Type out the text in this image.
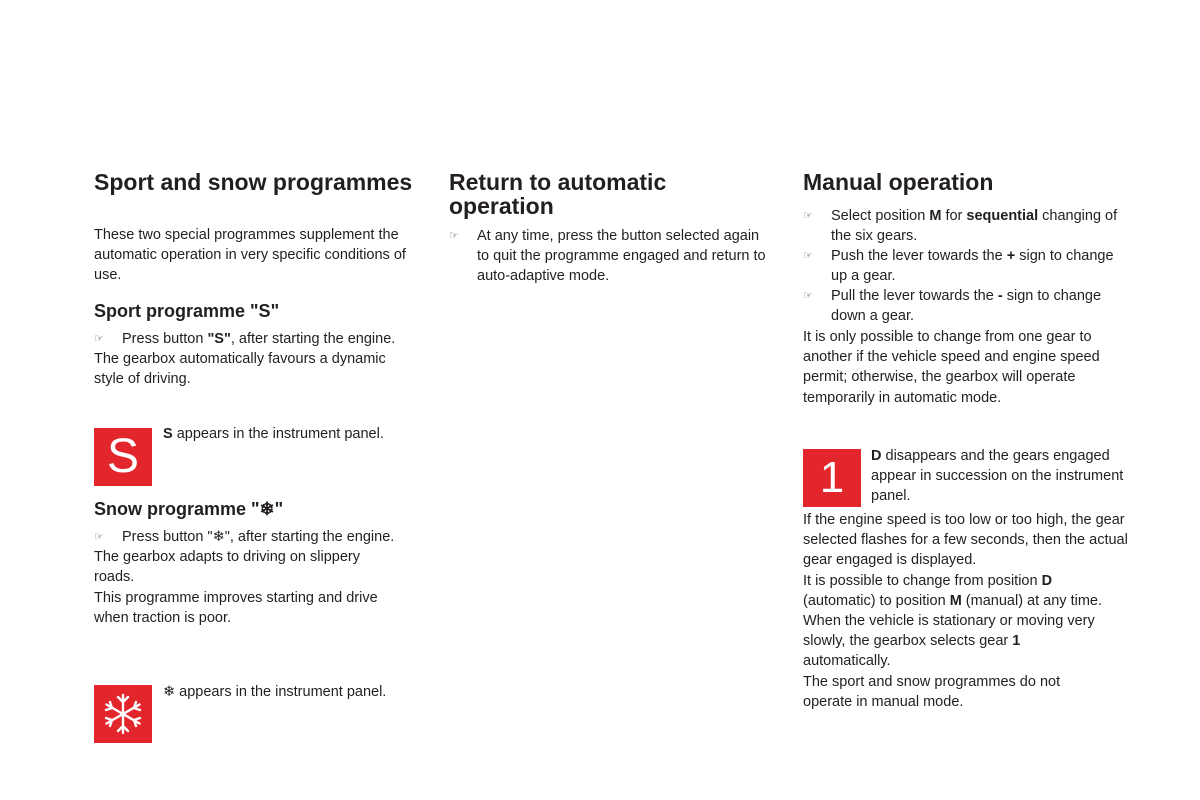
Sport and snow programmes

These two special programmes supplement the automatic operation in very specific conditions of use.

Sport programme "S"
☞ Press button "S", after starting the engine.

The gearbox automatically favours a dynamic style of driving.

S S appears in the instrument panel.

Snow programme "❄"
☞ Press button "❄", after starting the engine.

The gearbox adapts to driving on slippery roads.

This programme improves starting and drive when traction is poor.

❄ appears in the instrument panel.

Return to automatic operation
☞ At any time, press the button selected again to quit the programme engaged and return to auto-adaptive mode.
Manual operation
☞ Select position M for sequential changing of the six gears.
☞ Push the lever towards the + sign to change up a gear.
☞ Pull the lever towards the - sign to change down a gear.

It is only possible to change from one gear to another if the vehicle speed and engine speed permit; otherwise, the gearbox will operate temporarily in automatic mode.

1 D disappears and the gears engaged appear in succession on the instrument panel.

If the engine speed is too low or too high, the gear selected flashes for a few seconds, then the actual gear engaged is displayed.

It is possible to change from position D (automatic) to position M (manual) at any time.

When the vehicle is stationary or moving very slowly, the gearbox selects gear 1 automatically.

The sport and snow programmes do not operate in manual mode.
